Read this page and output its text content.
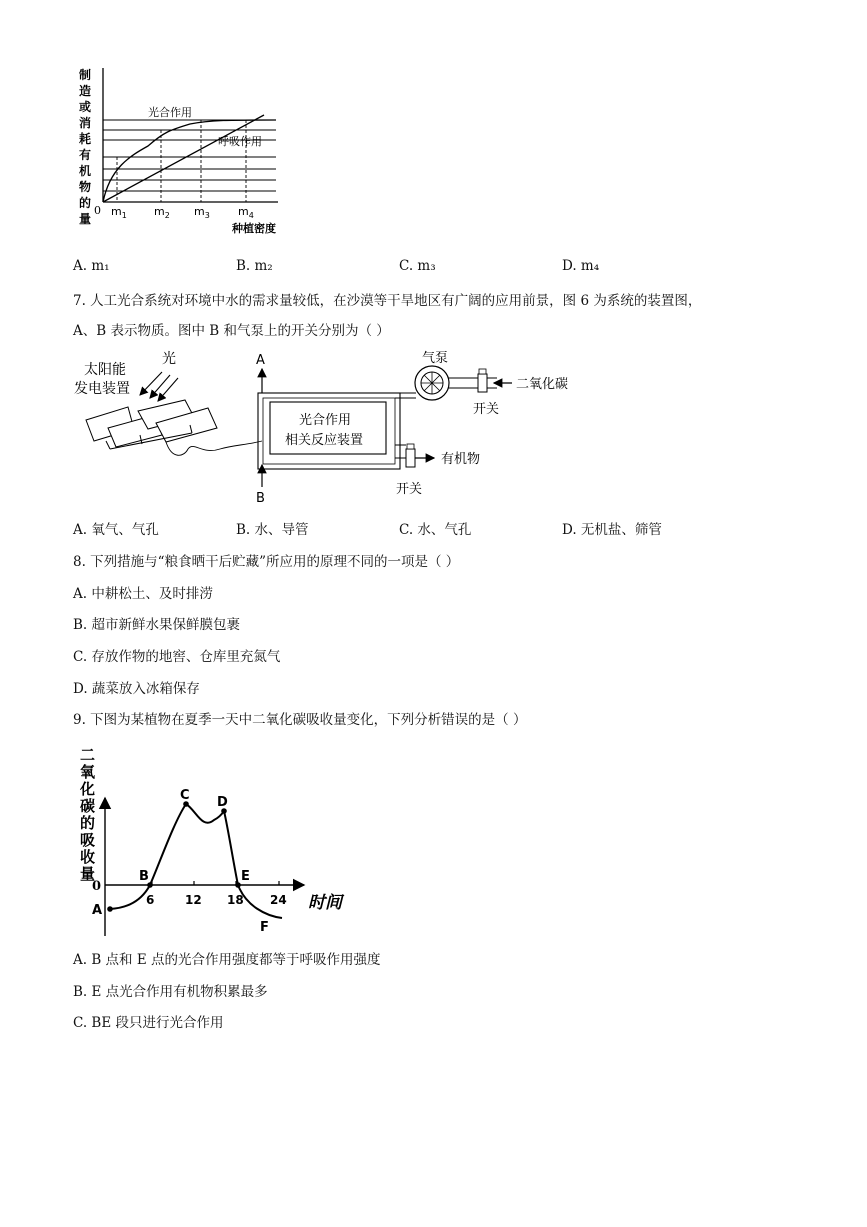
制
造
或
消
耗
有
机
物
的
量
光合作用
呼吸作用
0 $m_1$ $m_2$ $m_3$	$m_4$
种植密度
A. m₁	B. m₂	C. m₃	D. m₄
7. 人工光合系统对环境中水的需求量较低，在沙漠等干旱地区有广阔的应用前景，图 6 为系统的装置图，
A、B 表示物质。图中 B 和气泵上的开关分别为（ ）
太阳能
发电装置
光	A
B
光合作用
相关反应装置
气泵
开关
二氧化碳
有机物
开关
A. 氧气、气孔	B. 水、导管	C. 水、气孔	D. 无机盐、筛管
8. 下列措施与“粮食晒干后贮藏”所应用的原理不同的一项是（ ）
A. 中耕松土、及时排涝
B. 超市新鲜水果保鲜膜包裹
C. 存放作物的地窖、仓库里充氮气
D. 蔬菜放入冰箱保存
9. 下图为某植物在夏季一天中二氧化碳吸收量变化，下列分析错误的是（ ）
二
氧
化
碳
的
吸
收
量
0
6	12 18 24 时间
A
B
C D
E
F
A. B 点和 E 点的光合作用强度都等于呼吸作用强度
B. E 点光合作用有机物积累最多
C. BE 段只进行光合作用
